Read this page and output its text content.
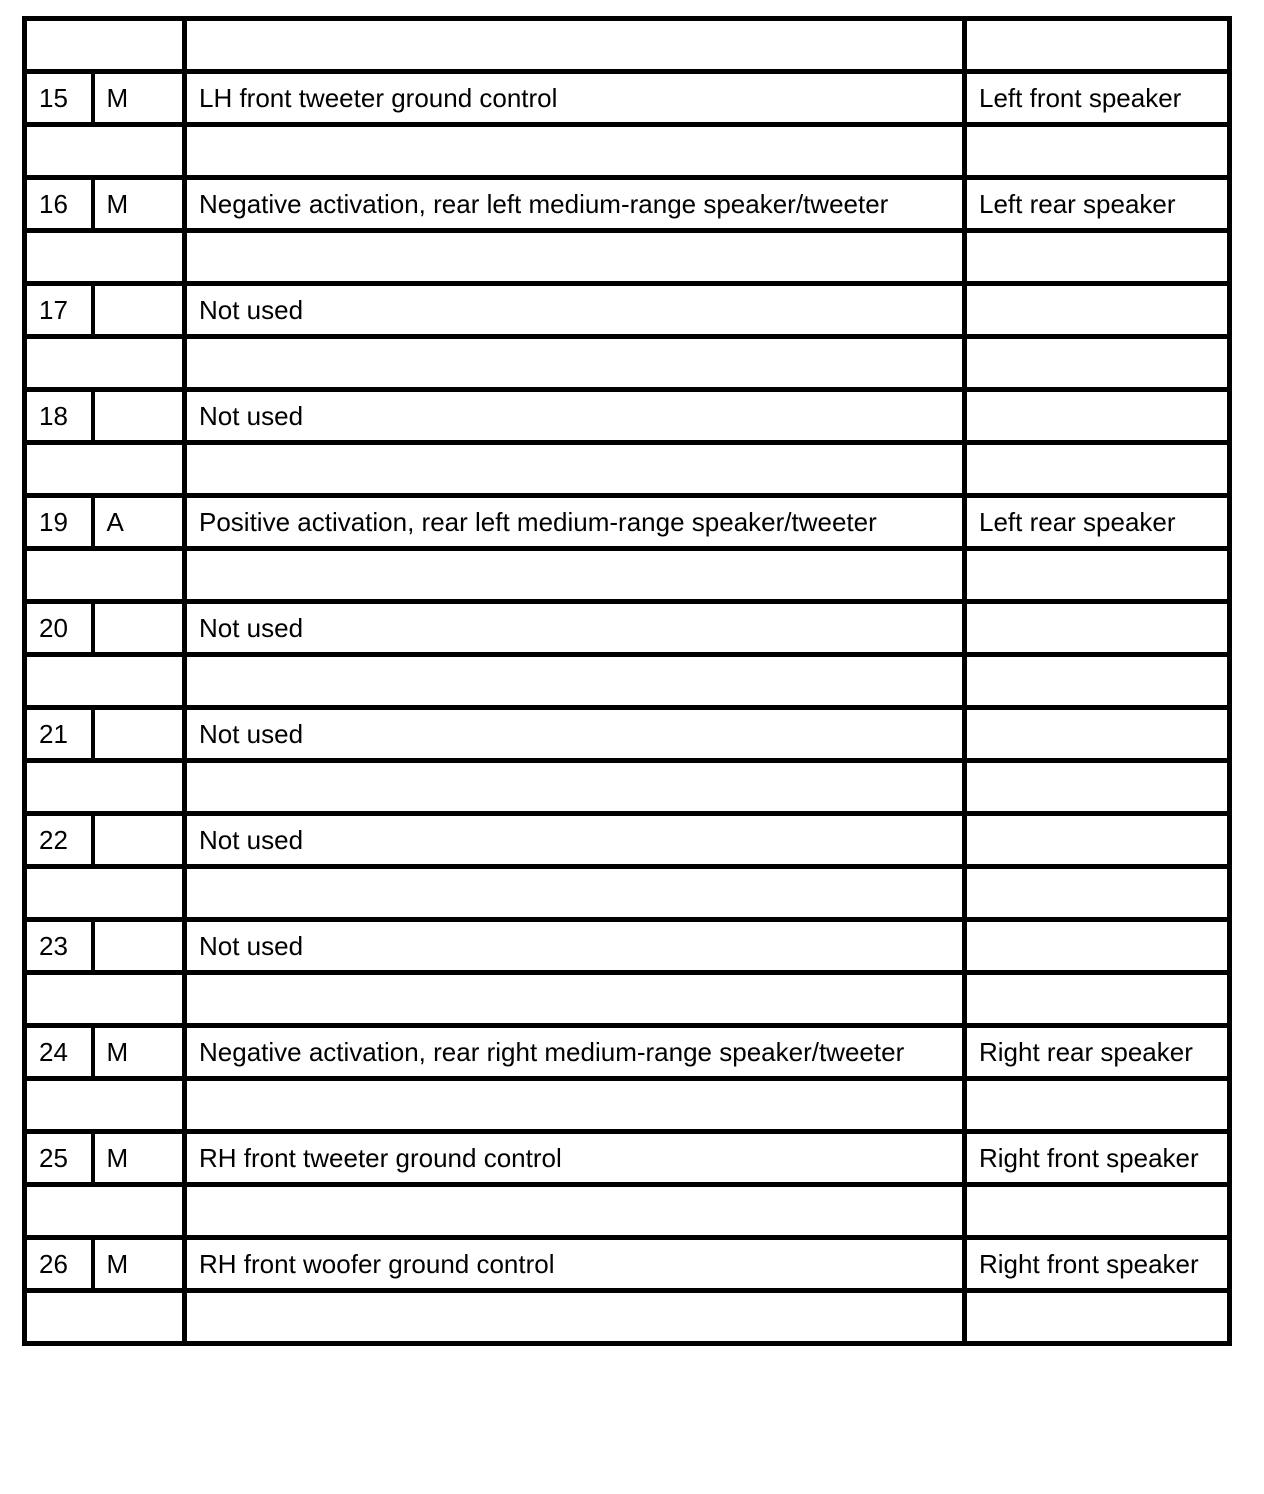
15	M	LH front tweeter ground control	Left front speaker

16	M	Negative activation, rear left medium-range speaker/tweeter	Left rear speaker

17		Not used	

18		Not used	

19	A	Positive activation, rear left medium-range speaker/tweeter	Left rear speaker

20		Not used	

21		Not used	

22		Not used	

23		Not used	

24	M	Negative activation, rear right medium-range speaker/tweeter	Right rear speaker

25	M	RH front tweeter ground control	Right front speaker

26	M	RH front woofer ground control	Right front speaker
